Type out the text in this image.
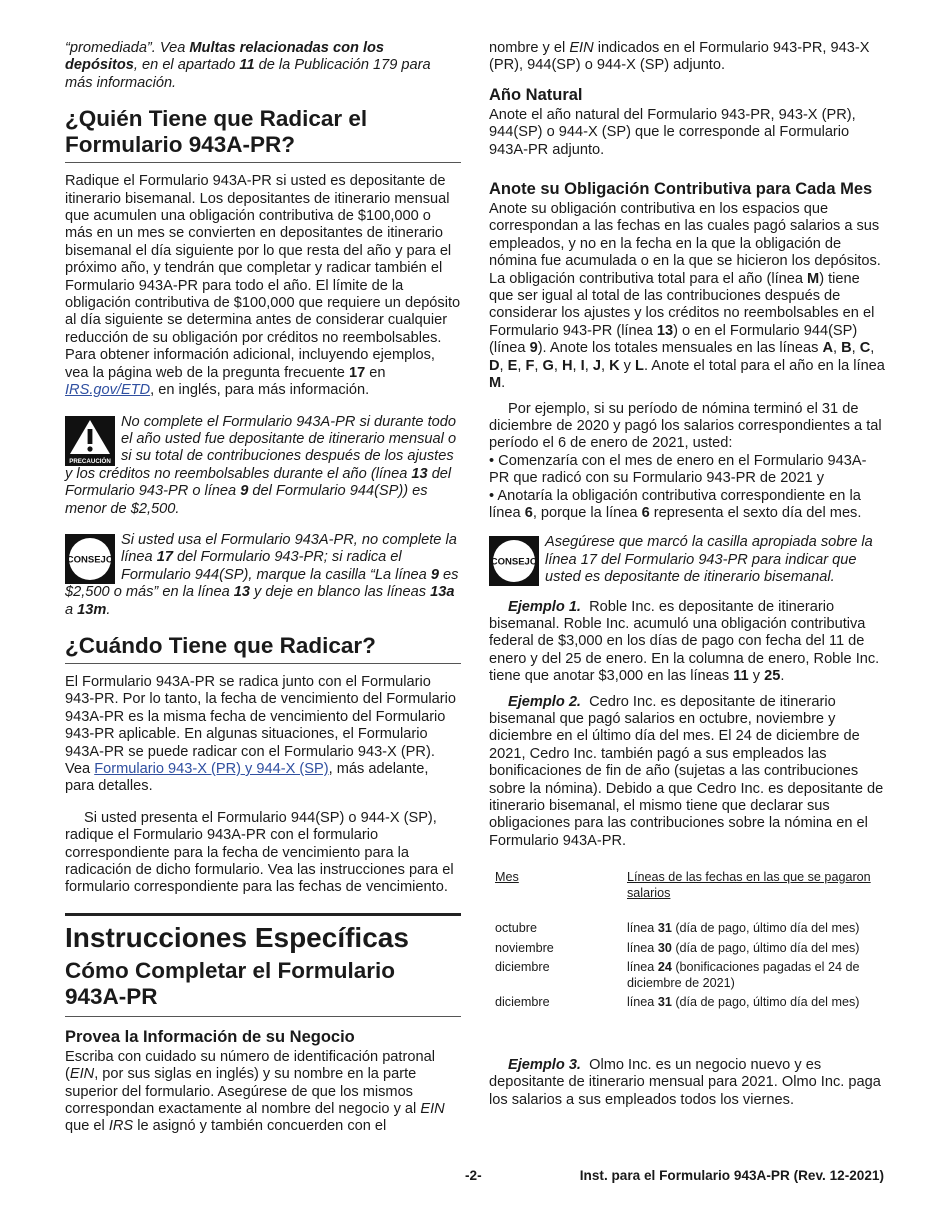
“promediada”. Vea Multas relacionadas con los depósitos, en el apartado 11 de la Publicación 179 para más información.

¿Quién Tiene que Radicar el Formulario 943A-PR?

Radique el Formulario 943A-PR si usted es depositante de itinerario bisemanal. Los depositantes de itinerario mensual que acumulen una obligación contributiva de $100,000 o más en un mes se convierten en depositantes de itinerario bisemanal el día siguiente por lo que resta del año y para el próximo año, y tendrán que completar y radicar también el Formulario 943A-PR para todo el año. El límite de la obligación contributiva de $100,000 que requiere un depósito al día siguiente se determina antes de considerar cualquier reducción de su obligación por créditos no reembolsables. Para obtener información adicional, incluyendo ejemplos, vea la página web de la pregunta frecuente 17 en IRS.gov/ETD, en inglés, para más información.

PRECAUCIÓN
No complete el Formulario 943A-PR si durante todo el año usted fue depositante de itinerario mensual o si su total de contribuciones después de los ajustes y los créditos no reembolsables durante el año (línea 13 del Formulario 943-PR o línea 9 del Formulario 944(SP)) es menor de $2,500.
CONSEJO
Si usted usa el Formulario 943A-PR, no complete la línea 17 del Formulario 943-PR; si radica el Formulario 944(SP), marque la casilla “La línea 9 es $2,500 o más” en la línea 13 y deje en blanco las líneas 13a a 13m.
¿Cuándo Tiene que Radicar?

El Formulario 943A-PR se radica junto con el Formulario 943-PR. Por lo tanto, la fecha de vencimiento del Formulario 943A-PR es la misma fecha de vencimiento del Formulario 943-PR aplicable. En algunas situaciones, el Formulario 943A-PR se puede radicar con el Formulario 943-X (PR). Vea Formulario 943-X (PR) y 944-X (SP), más adelante, para detalles.

Si usted presenta el Formulario 944(SP) o 944-X (SP), radique el Formulario 943A-PR con el formulario correspondiente para la fecha de vencimiento para la radicación de dicho formulario. Vea las instrucciones para el formulario correspondiente para las fechas de vencimiento.

Instrucciones Específicas
Cómo Completar el Formulario 943A-PR
Provea la Información de su Negocio

Escriba con cuidado su número de identificación patronal (EIN, por sus siglas en inglés) y su nombre en la parte superior del formulario. Asegúrese de que los mismos correspondan exactamente al nombre del negocio y al EIN que el IRS le asignó y también concuerden con el

nombre y el EIN indicados en el Formulario 943-PR, 943-X (PR), 944(SP) o 944-X (SP) adjunto.

Año Natural

Anote el año natural del Formulario 943-PR, 943-X (PR), 944(SP) o 944-X (SP) que le corresponde al Formulario 943A-PR adjunto.

Anote su Obligación Contributiva para Cada Mes

Anote su obligación contributiva en los espacios que correspondan a las fechas en las cuales pagó salarios a sus empleados, y no en la fecha en la que la obligación de nómina fue acumulada o en la que se hicieron los depósitos. La obligación contributiva total para el año (línea M) tiene que ser igual al total de las contribuciones después de considerar los ajustes y los créditos no reembolsables en el Formulario 943-PR (línea 13) o en el Formulario 944(SP) (línea 9). Anote los totales mensuales en las líneas A, B, C, D, E, F, G, H, I, J, K y L. Anote el total para el año en la línea M.

Por ejemplo, si su período de nómina terminó el 31 de diciembre de 2020 y pagó los salarios correspondientes a tal período el 6 de enero de 2021, usted:

• Comenzaría con el mes de enero en el Formulario 943A-PR que radicó con su Formulario 943-PR de 2021 y

• Anotaría la obligación contributiva correspondiente en la línea 6, porque la línea 6 representa el sexto día del mes.

CONSEJO
Asegúrese que marcó la casilla apropiada sobre la línea 17 del Formulario 943-PR para indicar que usted es depositante de itinerario bisemanal.

Ejemplo 1. Roble Inc. es depositante de itinerario bisemanal. Roble Inc. acumuló una obligación contributiva federal de $3,000 en los días de pago con fecha del 11 de enero y del 25 de enero. En la columna de enero, Roble Inc. tiene que anotar $3,000 en las líneas 11 y 25.

Ejemplo 2. Cedro Inc. es depositante de itinerario bisemanal que pagó salarios en octubre, noviembre y diciembre en el último día del mes. El 24 de diciembre de 2021, Cedro Inc. también pagó a sus empleados las bonificaciones de fin de año (sujetas a las contribuciones sobre la nómina). Debido a que Cedro Inc. es depositante de itinerario bisemanal, el mismo tiene que declarar sus obligaciones para las contribuciones sobre la nómina en el Formulario 943A-PR.

Mes	Líneas de las fechas en las que se pagaron salarios
octubre	línea 31 (día de pago, último día del mes)
noviembre	línea 30 (día de pago, último día del mes)
diciembre	línea 24 (bonificaciones pagadas el 24 de diciembre de 2021)
diciembre	línea 31 (día de pago, último día del mes)

Ejemplo 3. Olmo Inc. es un negocio nuevo y es depositante de itinerario mensual para 2021. Olmo Inc. paga los salarios a sus empleados todos los viernes.

-2-	Inst. para el Formulario 943A-PR (Rev. 12-2021)
